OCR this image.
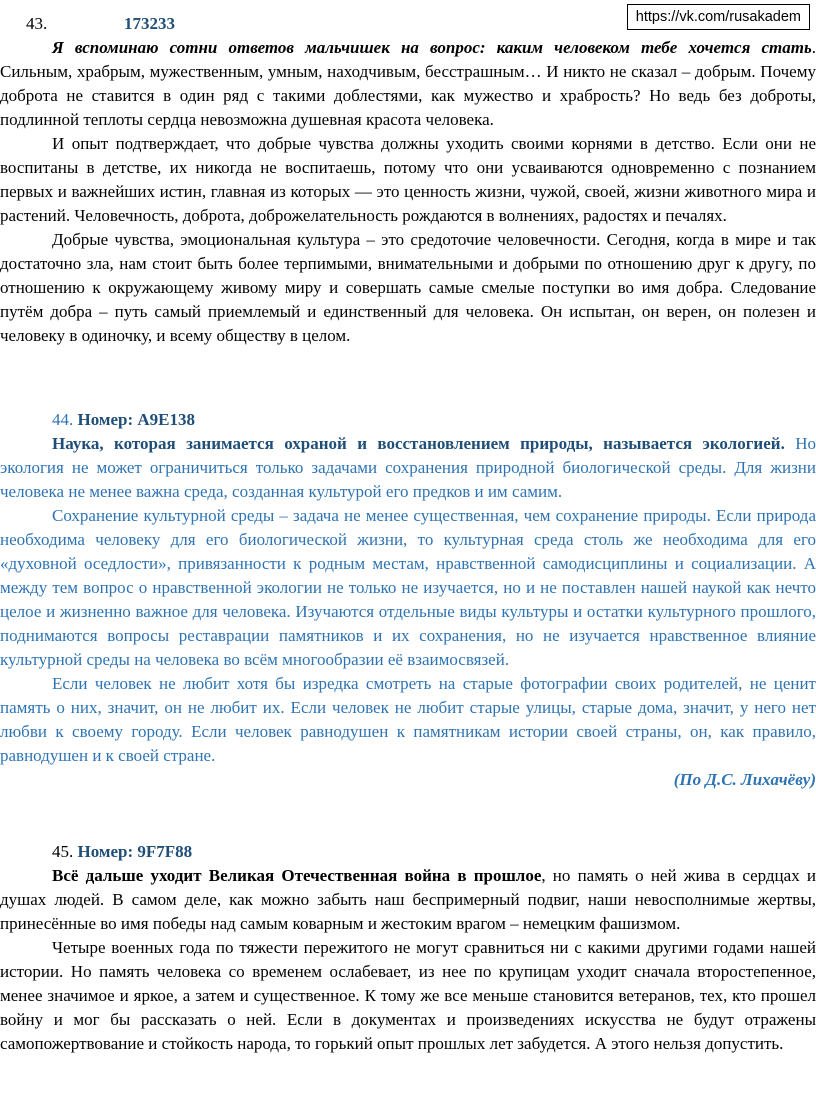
https://vk.com/rusakadem
43.	173233

Я вспоминаю сотни ответов мальчишек на вопрос: каким человеком тебе хочется стать. Сильным, храбрым, мужественным, умным, находчивым, бесстрашным… И никто не сказал – добрым. Почему доброта не ставится в один ряд с такими доблестями, как мужество и храбрость? Но ведь без доброты, подлинной теплоты сердца невозможна душевная красота человека.

И опыт подтверждает, что добрые чувства должны уходить своими корнями в детство. Если они не воспитаны в детстве, их никогда не воспитаешь, потому что они усваиваются одновременно с познанием первых и важнейших истин, главная из которых — это ценность жизни, чужой, своей, жизни животного мира и растений. Человечность, доброта, доброжелательность рождаются в волнениях, радостях и печалях.

Добрые чувства, эмоциональная культура – это средоточие человечности. Сегодня, когда в мире и так достаточно зла, нам стоит быть более терпимыми, внимательными и добрыми по отношению друг к другу, по отношению к окружающему живому миру и совершать самые смелые поступки во имя добра. Следование путём добра – путь самый приемлемый и единственный для человека. Он испытан, он верен, он полезен и человеку в одиночку, и всему обществу в целом.

44. Номер: A9E138

Наука, которая занимается охраной и восстановлением природы, называется экологией. Но экология не может ограничиться только задачами сохранения природной биологической среды. Для жизни человека не менее важна среда, созданная культурой его предков и им самим.

Сохранение культурной среды – задача не менее существенная, чем сохранение природы. Если природа необходима человеку для его биологической жизни, то культурная среда столь же необходима для его «духовной оседлости», привязанности к родным местам, нравственной самодисциплины и социализации. А между тем вопрос о нравственной экологии не только не изучается, но и не поставлен нашей наукой как нечто целое и жизненно важное для человека. Изучаются отдельные виды культуры и остатки культурного прошлого, поднимаются вопросы реставрации памятников и их сохранения, но не изучается нравственное влияние культурной среды на человека во всём многообразии её взаимосвязей.

Если человек не любит хотя бы изредка смотреть на старые фотографии своих родителей, не ценит память о них, значит, он не любит их. Если человек не любит старые улицы, старые дома, значит, у него нет любви к своему городу. Если человек равнодушен к памятникам истории своей страны, он, как правило, равнодушен и к своей стране.

(По Д.С. Лихачёву)

45. Номер: 9F7F88

Всё дальше уходит Великая Отечественная война в прошлое, но память о ней жива в сердцах и душах людей. В самом деле, как можно забыть наш беспримерный подвиг, наши невосполнимые жертвы, принесённые во имя победы над самым коварным и жестоким врагом – немецким фашизмом.

Четыре военных года по тяжести пережитого не могут сравниться ни с какими другими годами нашей истории. Но память человека со временем ослабевает, из нее по крупицам уходит сначала второстепенное, менее значимое и яркое, а затем и существенное. К тому же все меньше становится ветеранов, тех, кто прошел войну и мог бы рассказать о ней. Если в документах и произведениях искусства не будут отражены самопожертвование и стойкость народа, то горький опыт прошлых лет забудется. А этого нельзя допустить.
